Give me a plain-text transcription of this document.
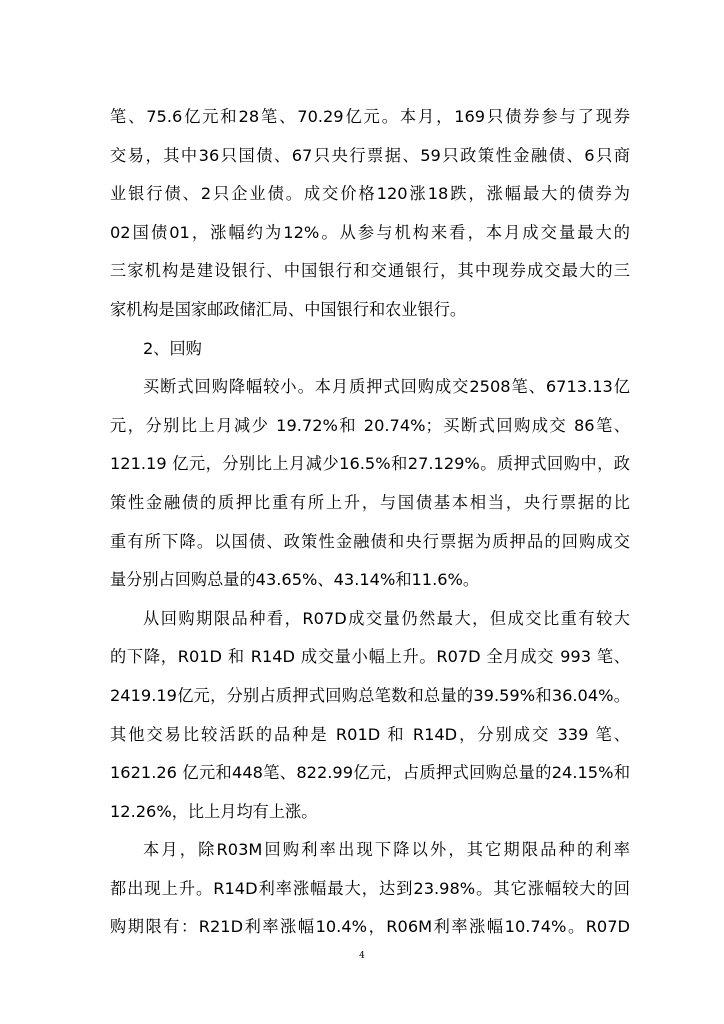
笔、75.6亿元和28笔、70.29亿元。本月，169只债券参与了现券
交易，其中36只国债、67只央行票据、59只政策性金融债、6只商
业银行债、2只企业债。成交价格120涨18跌，涨幅最大的债券为
02国债01，涨幅约为12%。从参与机构来看，本月成交量最大的
三家机构是建设银行、中国银行和交通银行，其中现券成交最大的三
家机构是国家邮政储汇局、中国银行和农业银行。
2、回购
买断式回购降幅较小。本月质押式回购成交2508笔、6713.13亿
元，分别比上月减少 19.72%和 20.74%；买断式回购成交 86笔、
121.19 亿元，分别比上月减少16.5%和27.129%。质押式回购中，政
策性金融债的质押比重有所上升，与国债基本相当，央行票据的比
重有所下降。以国债、政策性金融债和央行票据为质押品的回购成交
量分别占回购总量的43.65%、43.14%和11.6%。
从回购期限品种看，R07D成交量仍然最大，但成交比重有较大
的下降，R01D 和 R14D 成交量小幅上升。R07D 全月成交 993 笔、
2419.19亿元，分别占质押式回购总笔数和总量的39.59%和36.04%。
其他交易比较活跃的品种是 R01D 和 R14D，分别成交 339 笔、
1621.26 亿元和448笔、822.99亿元，占质押式回购总量的24.15%和
12.26%，比上月均有上涨。
本月，除R03M回购利率出现下降以外，其它期限品种的利率
都出现上升。R14D利率涨幅最大，达到23.98%。其它涨幅较大的回
购期限有：R21D利率涨幅10.4%，R06M利率涨幅10.74%。R07D
4
